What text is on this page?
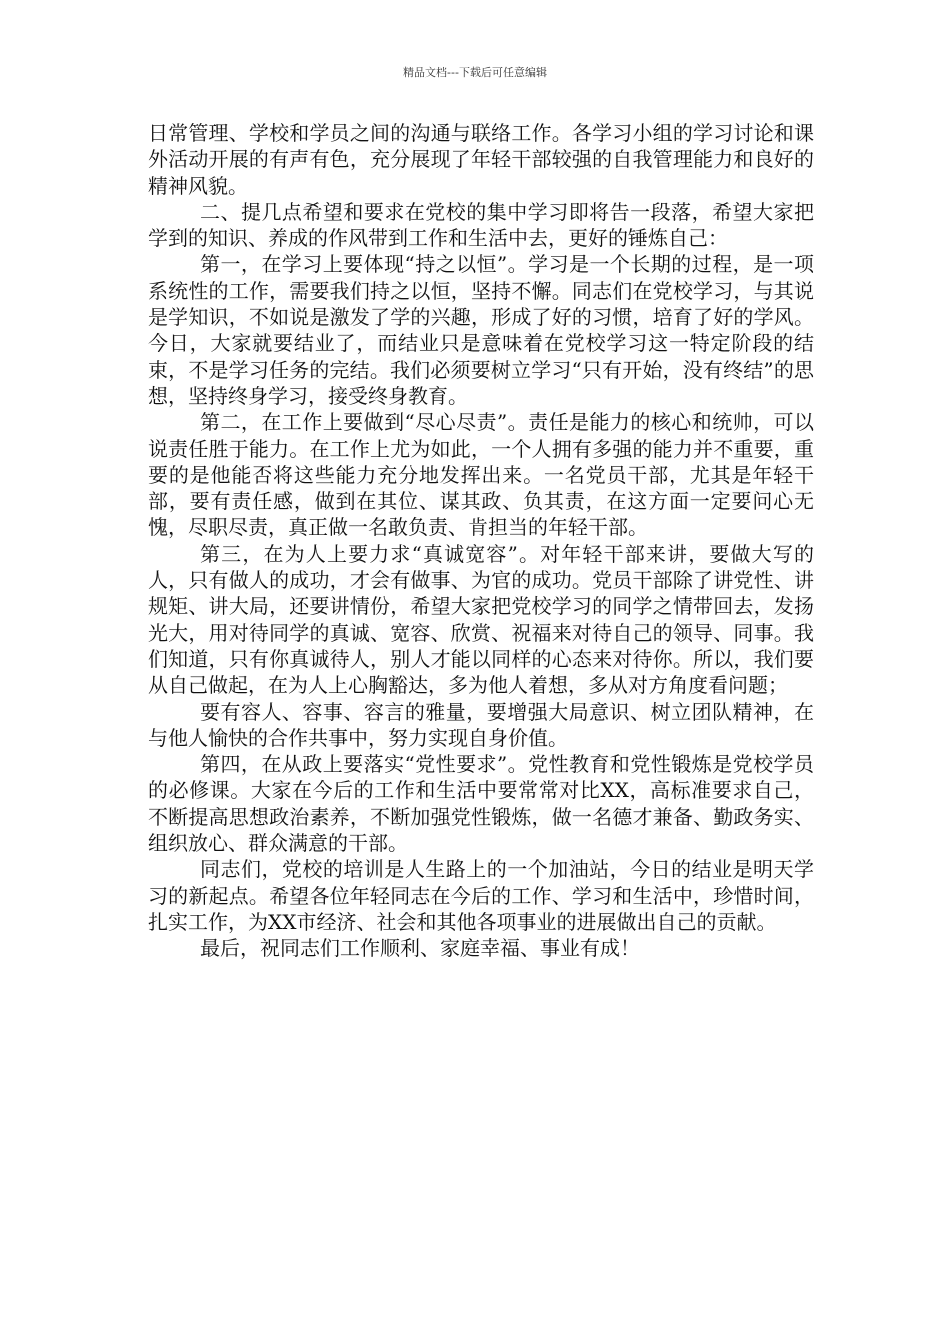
精品文档---下载后可任意编辑

日常管理、学校和学员之间的沟通与联络工作。各学习小组的学习讨论和课外活动开展的有声有色，充分展现了年轻干部较强的自我管理能力和良好的精神风貌。

二、提几点希望和要求在党校的集中学习即将告一段落，希望大家把学到的知识、养成的作风带到工作和生活中去，更好的锤炼自己：

第一，在学习上要体现“持之以恒”。学习是一个长期的过程，是一项系统性的工作，需要我们持之以恒，坚持不懈。同志们在党校学习，与其说是学知识，不如说是激发了学的兴趣，形成了好的习惯，培育了好的学风。今日，大家就要结业了，而结业只是意味着在党校学习这一特定阶段的结束，不是学习任务的完结。我们必须要树立学习“只有开始，没有终结”的思想，坚持终身学习，接受终身教育。

第二，在工作上要做到“尽心尽责”。责任是能力的核心和统帅，可以说责任胜于能力。在工作上尤为如此，一个人拥有多强的能力并不重要，重要的是他能否将这些能力充分地发挥出来。一名党员干部，尤其是年轻干部，要有责任感，做到在其位、谋其政、负其责，在这方面一定要问心无愧，尽职尽责，真正做一名敢负责、肯担当的年轻干部。

第三，在为人上要力求“真诚宽容”。对年轻干部来讲，要做大写的人，只有做人的成功，才会有做事、为官的成功。党员干部除了讲党性、讲规矩、讲大局，还要讲情份，希望大家把党校学习的同学之情带回去，发扬光大，用对待同学的真诚、宽容、欣赏、祝福来对待自己的领导、同事。我们知道，只有你真诚待人，别人才能以同样的心态来对待你。所以，我们要从自己做起，在为人上心胸豁达，多为他人着想，多从对方角度看问题；

要有容人、容事、容言的雅量，要增强大局意识、树立团队精神，在与他人愉快的合作共事中，努力实现自身价值。

第四，在从政上要落实“党性要求”。党性教育和党性锻炼是党校学员的必修课。大家在今后的工作和生活中要常常对比XX，高标准要求自己，不断提高思想政治素养，不断加强党性锻炼，做一名德才兼备、勤政务实、组织放心、群众满意的干部。

同志们，党校的培训是人生路上的一个加油站，今日的结业是明天学习的新起点。希望各位年轻同志在今后的工作、学习和生活中，珍惜时间，扎实工作，为XX市经济、社会和其他各项事业的进展做出自己的贡献。

最后，祝同志们工作顺利、家庭幸福、事业有成！
